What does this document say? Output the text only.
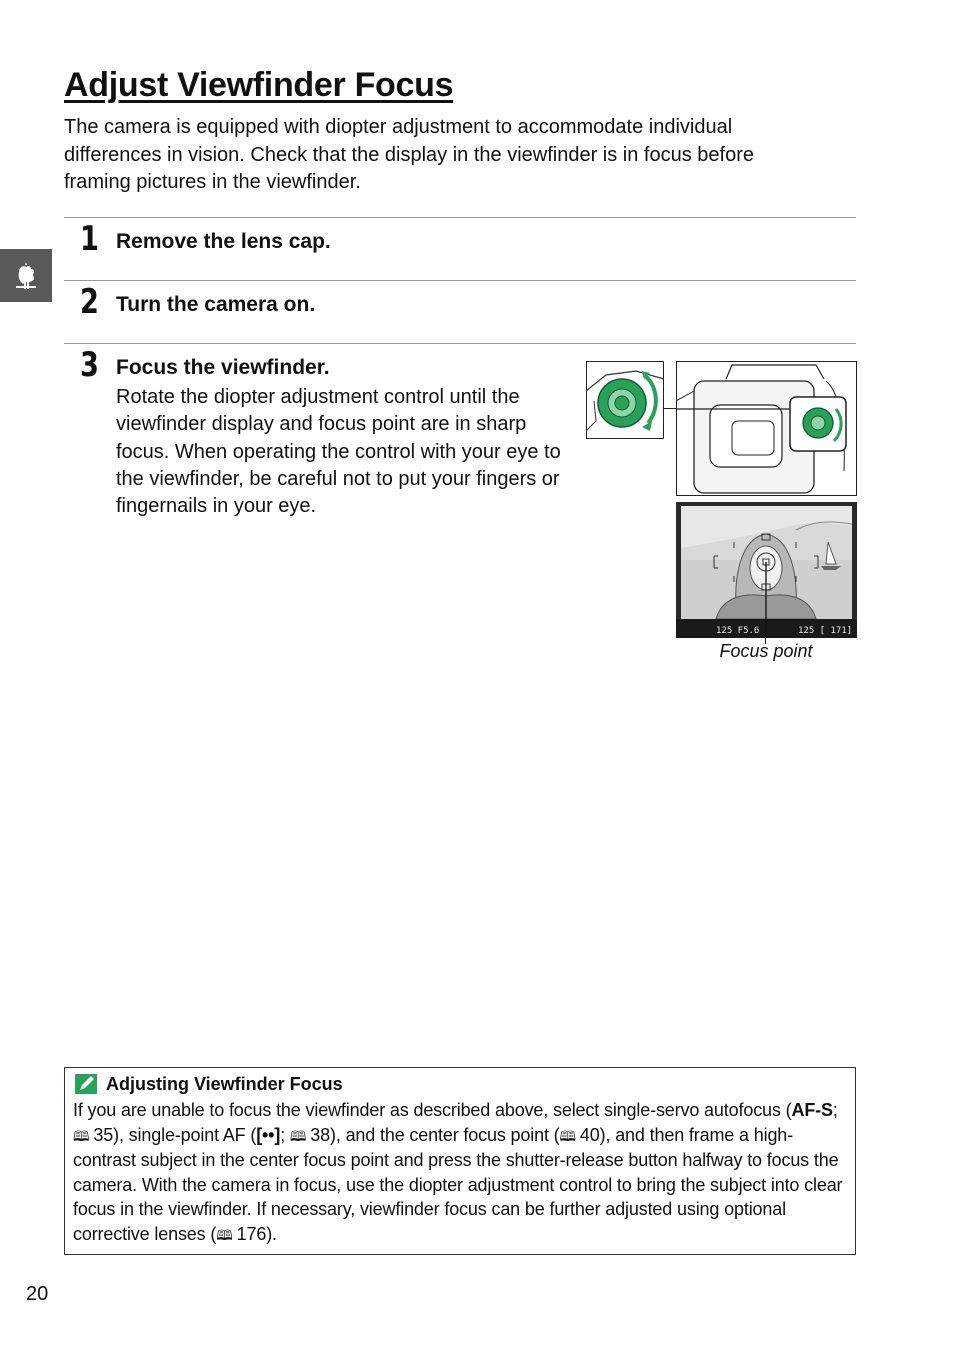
Adjust Viewfinder Focus
The camera is equipped with diopter adjustment to accommodate individual differences in vision. Check that the display in the viewfinder is in focus before framing pictures in the viewfinder.
1 Remove the lens cap.
2 Turn the camera on.
3 Focus the viewfinder.
Rotate the diopter adjustment control until the viewfinder display and focus point are in sharp focus. When operating the control with your eye to the viewfinder, be careful not to put your fingers or fingernails in your eye.
125 F5.6	125 [ 171]
Focus point
Adjusting Viewfinder Focus
If you are unable to focus the viewfinder as described above, select single-servo autofocus (AF-S; 🕮 35), single-point AF ([••]; 🕮 38), and the center focus point (🕮 40), and then frame a high-contrast subject in the center focus point and press the shutter-release button halfway to focus the camera. With the camera in focus, use the diopter adjustment control to bring the subject into clear focus in the viewfinder. If necessary, viewfinder focus can be further adjusted using optional corrective lenses (🕮 176).
20
